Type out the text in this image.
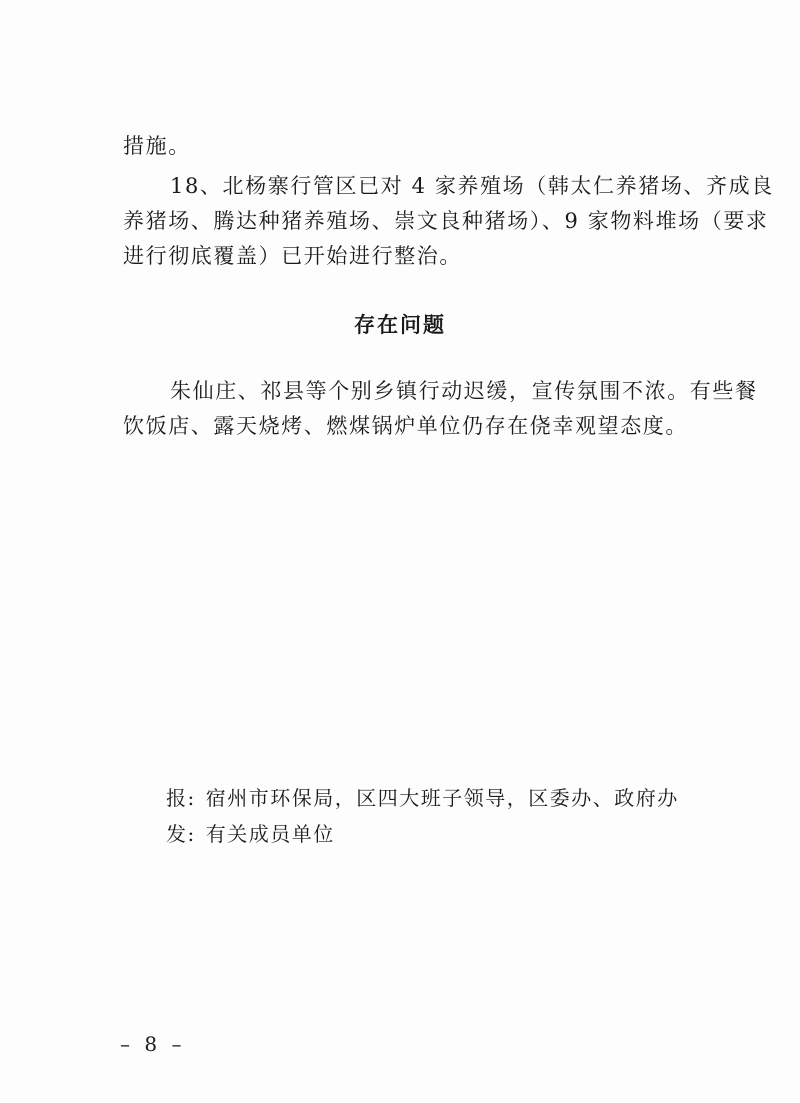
措施。
18、北杨寨行管区已对 4 家养殖场（韩太仁养猪场、齐成良
养猪场、腾达种猪养殖场、崇文良种猪场）、9 家物料堆场（要求
进行彻底覆盖）已开始进行整治。
存在问题
朱仙庄、祁县等个别乡镇行动迟缓，宣传氛围不浓。有些餐
饮饭店、露天烧烤、燃煤锅炉单位仍存在侥幸观望态度。
报: 宿州市环保局，区四大班子领导，区委办、政府办
发: 有关成员单位
– 8 –
